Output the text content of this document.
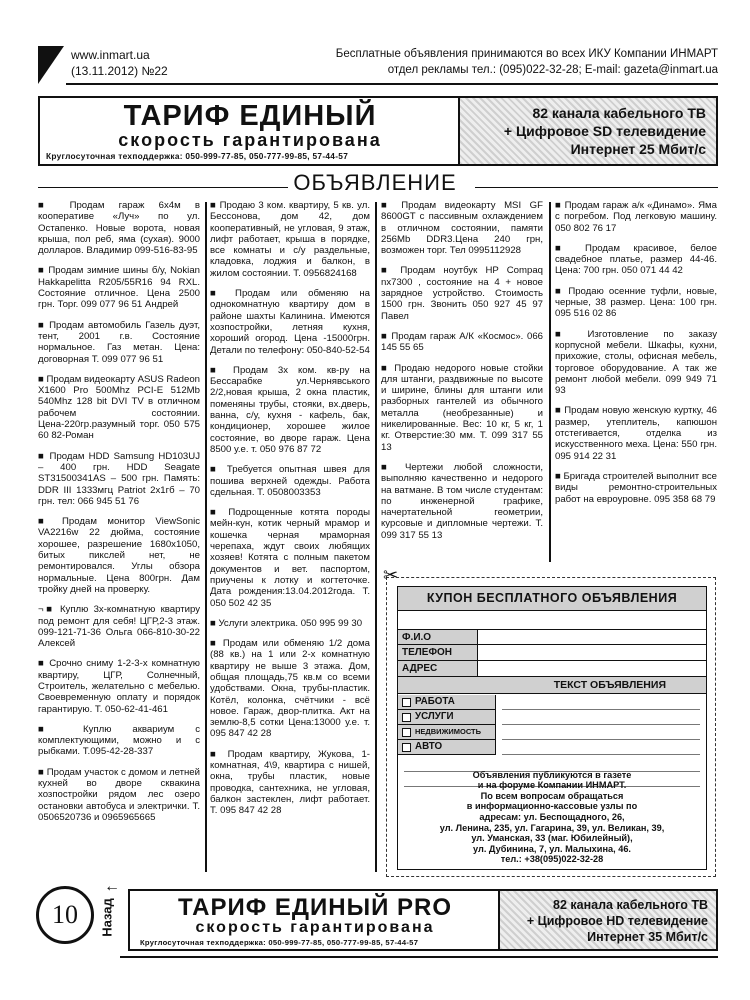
www.inmart.ua
(13.11.2012) №22
Бесплатные объявления принимаются во всех ИКУ Компании ИНМАРТ
отдел рекламы тел.: (095)022-32-28; E-mail: gazeta@inmart.ua
ТАРИФ ЕДИНЫЙ
скорость гарантирована
Круглосуточная техподдержка: 050-999-77-85, 050-777-99-85, 57-44-57
82 канала кабельного ТВ
+ Цифровое SD телевидение
Интернет 25 Мбит/с
ОБЪЯВЛЕНИЕ
■ Продам гараж 6х4м в кооперативе «Луч» по ул. Остапенко. Новые ворота, новая крыша, пол реб, яма (сухая). 9000 долларов. Владимир 099-516-83-95
■ Продам зимние шины б/у, Nokian Hakkapelitta R205/55R16 94 RXL. Состояние отличное. Цена 2500 грн. Торг. 099 077 96 51 Андрей
■ Продам автомобиль Газель дуэт, тент, 2001 г.в. Состояние нормальное. Газ метан. Цена: договорная Т. 099 077 96 51
■ Продам видеокарту ASUS Radeon X1600 Pro 500Mhz PCI-E 512Mb 540Mhz 128 bit DVI TV в отличном рабочем состоянии. Цена-220гр.разумный торг. 050 575 60 82-Роман
■ Продам HDD Samsung HD103UJ – 400 грн. HDD Seagate ST31500341AS – 500 грн. Память: DDR III 1333мгц Patriot 2х1гб – 70 грн. тел: 066 945 51 76
■ Продам монитор ViewSonic VA2216w 22 дюйма, состояние хорошее, разрешение 1680x1050, битых пикслей нет, не ремонтировался. Углы обзора нормальные. Цена 800грн. Дам тройку дней на проверку.
¬■ Куплю 3х-комнатную квартиру под ремонт для себя! ЦГР,2-3 этаж. 099-121-71-36 Ольга 066-810-30-22 Алексей
■ Срочно сниму 1-2-3-х комнатную квартиру, ЦГР, Солнечный, Строитель, желательно с мебелью. Своевременную оплату и порядок гарантирую. Т. 050-62-41-461
■ Куплю аквариум с комплектующими, можно и с рыбками. Т.095-42-28-337
■ Продам участок с домом и летней кухней во дворе сквакина хозпостройки рядом лес озеро остановки автобуса и электрички. Т. 0506520736 и 0965965665
■ Продаю 3 ком. квартиру, 5 кв. ул. Бессонова, дом 42, дом кооперативный, не угловая, 9 этаж, лифт работает, крыша в порядке, все комнаты и с/у раздельные, кладовка, лоджия и балкон, в жилом состоянии. Т. 0956824168
■ Продам или обменяю на однокомнатную квартиру дом в районе шахты Калинина. Имеются хозпостройки, летняя кухня, хороший огород. Цена -15000грн. Детали по телефону: 050-840-52-54
■ Продам 3х ком. кв-ру на Бессарабке ул.Чернявського 2/2,новая крыша, 2 окна пластик, поменяны трубы, стояки, вх.дверь, ванна, с/у, кухня - кафель, бак, кондиционер, хорошее жилое состояние, во дворе гараж. Цена 8500 у.е. т. 050 976 87 72
■ Требуется опытная швея для пошива верхней одежды. Работа сдельная. Т. 0508003353
■ Подрощенные котята породы мейн-кун, котик черный мрамор и кошечка черная мраморная черепаха, ждут своих любящих хозяев! Котята с полным пакетом документов и вет. паспортом, приучены к лотку и когтеточке. Дата рождения:13.04.2012года. Т. 050 502 42 35
■ Услуги электрика. 050 995 99 30
■ Продам или обменяю 1/2 дома (88 кв.) на 1 или 2-х комнатную квартиру не выше 3 этажа. Дом, общая площадь,75 кв.м со всеми удобствами. Окна, трубы-пластик. Котёл, колонка, счётчики - всё новое. Гараж, двор-плитка. Акт на землю-8,5 сотки Цена:13000 у.е. т. 095 847 42 28
■ Продам квартиру, Жукова, 1-комнатная, 4\9, квартира с нишей, окна, трубы пластик, новые проводка, сантехника, не угловая, балкон застеклен, лифт работает. Т. 095 847 42 28
■ Продам видеокарту MSI GF 8600GT с пассивным охлаждением в отличном состоянии, памяти 256Mb DDR3.Цена 240 грн, возможен торг. Тел 0995112928
■ Продам ноутбук HP Compaq nx7300 , состояние на 4 + новое зарядное устройство. Стоимость 1500 грн. Звонить 050 927 45 97 Павел
■ Продам гараж А/К «Космос». 066 145 55 65
■ Продаю недорого новые стойки для штанги, раздвижные по высоте и ширине, блины для штанги или разборных гантелей из обычного металла (необрезанные) и никелированные. Вес: 10 кг, 5 кг, 1 кг. Отверстие:30 мм. Т. 099 317 55 13
■ Чертежи любой сложности, выполняю качественно и недорого на ватмане. В том числе студентам: по инженерной графике, начертательной геометрии, курсовые и дипломные чертежи. Т. 099 317 55 13
■ Продам гараж а/к «Динамо». Яма с погребом. Под легковую машину. 050 802 76 17
■ Продам красивое, белое свадебное платье, размер 44-46. Цена: 700 грн. 050 071 44 42
■ Продаю осенние туфли, новые, черные, 38 размер. Цена: 100 грн. 095 516 02 86
■ Изготовление по заказу корпусной мебели. Шкафы, кухни, прихожие, столы, офисная мебель, торговое оборудование. А так же ремонт любой мебели. 099 949 71 93
■ Продам новую женскую куртку, 46 размер, утеплитель, капюшон отстегивается, отделка из искусственного меха. Цена: 550 грн. 095 914 22 31
■ Бригада строителей выполнит все виды ремонтно-строительных работ на евроуровне. 095 358 68 79
✂
КУПОН БЕСПЛАТНОГО ОБЪЯВЛЕНИЯ
Ф.И.О
ТЕЛЕФОН
АДРЕС
ТЕКСТ ОБЪЯВЛЕНИЯ
РАБОТА
УСЛУГИ
НЕДВИЖИМОСТЬ
АВТО
Объявления публикуются в газете
и на форуме Компании ИНМАРТ.
По всем вопросам обращаться
в информационно-кассовые узлы по
адресам: ул. Беспощадного, 26,
ул. Ленина, 235, ул. Гагарина, 39, ул. Великан, 39,
ул. Уманская, 33 (маг. Юбилейный),
ул. Дубинина, 7, ул. Малыхина, 46.
тел.: +38(095)022-32-28
10
←
Назад	ТАРИФ ЕДИНЫЙ PRO
скорость гарантирована
Круглосуточная техподдержка: 050-999-77-85, 050-777-99-85, 57-44-57
82 канала кабельного ТВ
+ Цифровое HD телевидение
Интернет 35 Мбит/с
